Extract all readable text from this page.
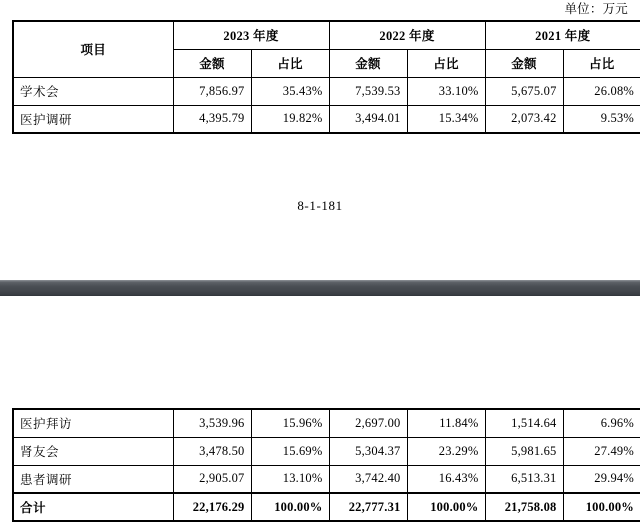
单位：万元
项目	2023 年度		2022 年度		2021 年度	
	金额	占比	金额	占比	金额	占比
学术会	7,856.97	35.43%	7,539.53	33.10%	5,675.07	26.08%
医护调研	4,395.79	19.82%	3,494.01	15.34%	2,073.42	9.53%
8-1-181
医护拜访	3,539.96	15.96%	2,697.00	11.84%	1,514.64	6.96%
肾友会	3,478.50	15.69%	5,304.37	23.29%	5,981.65	27.49%
患者调研	2,905.07	13.10%	3,742.40	16.43%	6,513.31	29.94%
合计	22,176.29	100.00%	22,777.31	100.00%	21,758.08	100.00%
